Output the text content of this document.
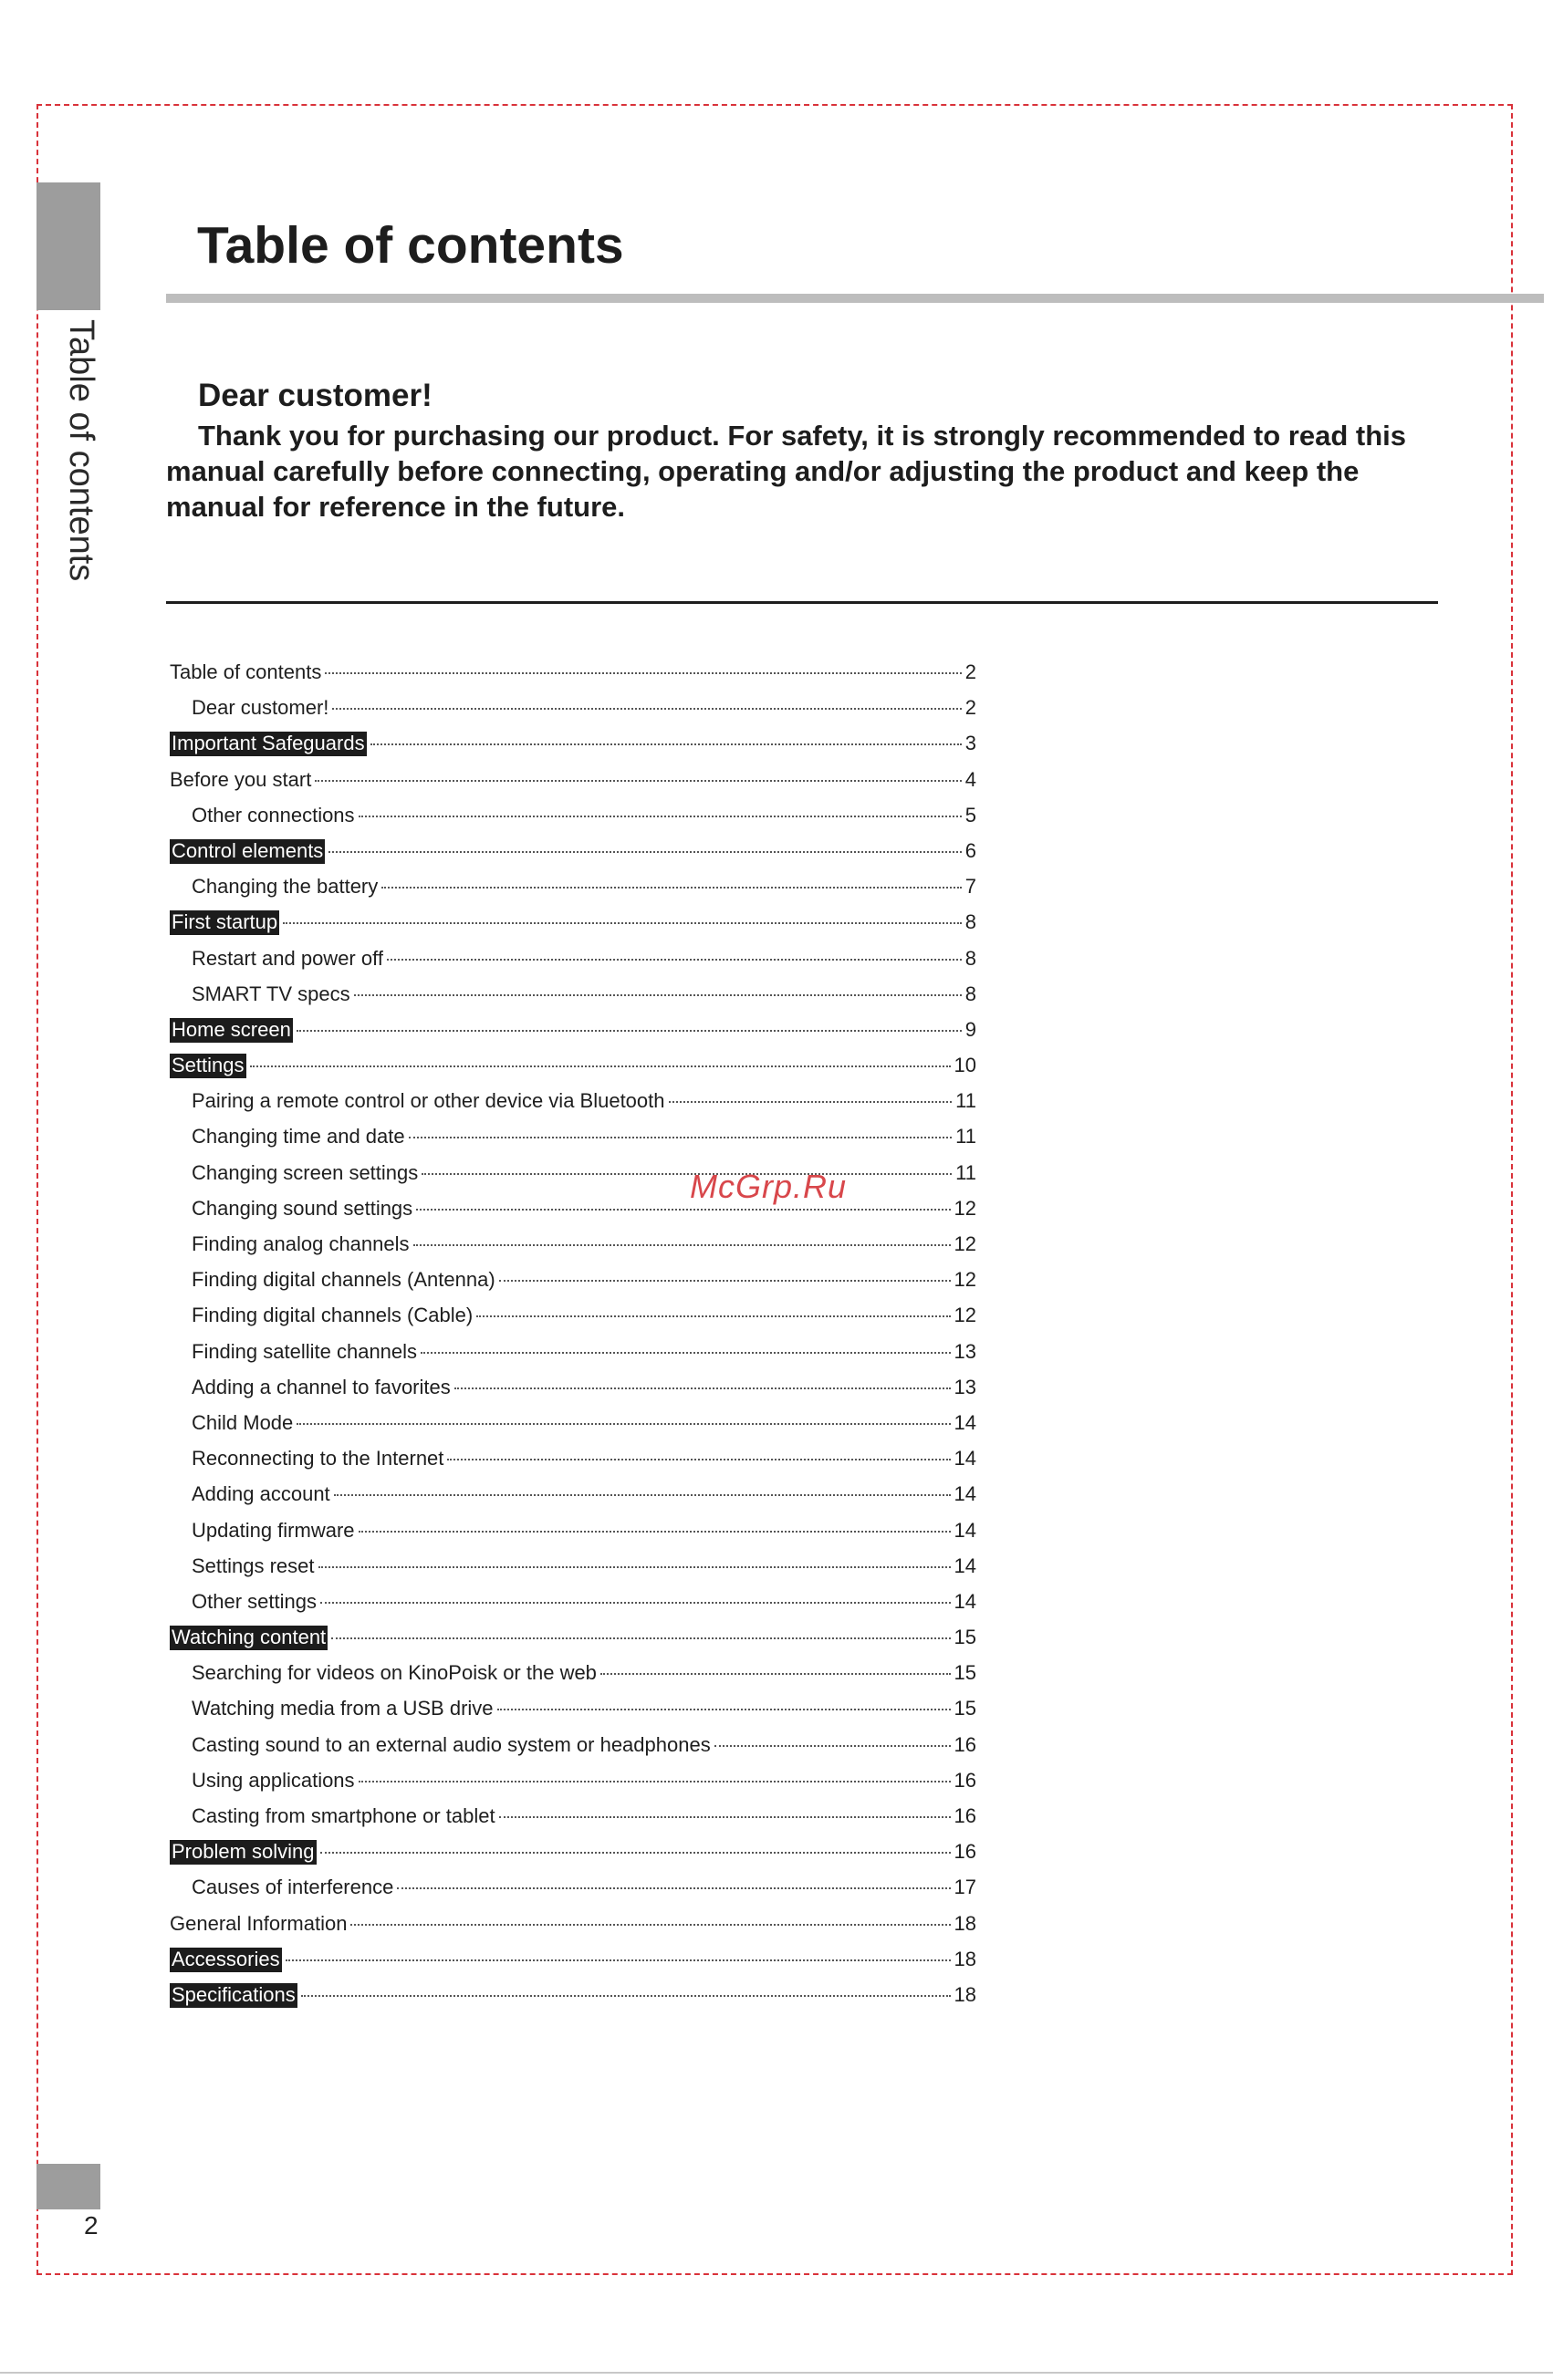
Table of contents
Table of contents

Dear customer!

Thank you for purchasing our product. For safety, it is strongly recommended to read this manual carefully before connecting, operating and/or adjusting the product and keep the manual for reference in the future.

Table of contents	2
Dear customer!	2
Important Safeguards	3
Before you start	4
Other connections	5
Control elements	6
Changing the battery	7
First startup	8
Restart and power off	8
SMART TV specs	8
Home screen	9
Settings	10
Pairing a remote control or other device via Bluetooth	11
Changing time and date	11
Changing screen settings	11
Changing sound settings	12
Finding analog channels	12
Finding digital channels (Antenna)	12
Finding digital channels (Cable)	12
Finding satellite channels	13
Adding a channel to favorites	13
Child Mode	14
Reconnecting to the Internet	14
Adding account	14
Updating firmware	14
Settings reset	14
Other settings	14
Watching content	15
Searching for videos on KinoPoisk or the web	15
Watching media from a USB drive	15
Casting sound to an external audio system or headphones	16
Using applications	16
Casting from smartphone or tablet	16
Problem solving	16
Causes of interference	17
General Information	18
Accessories	18
Specifications	18
McGrp.Ru
2
